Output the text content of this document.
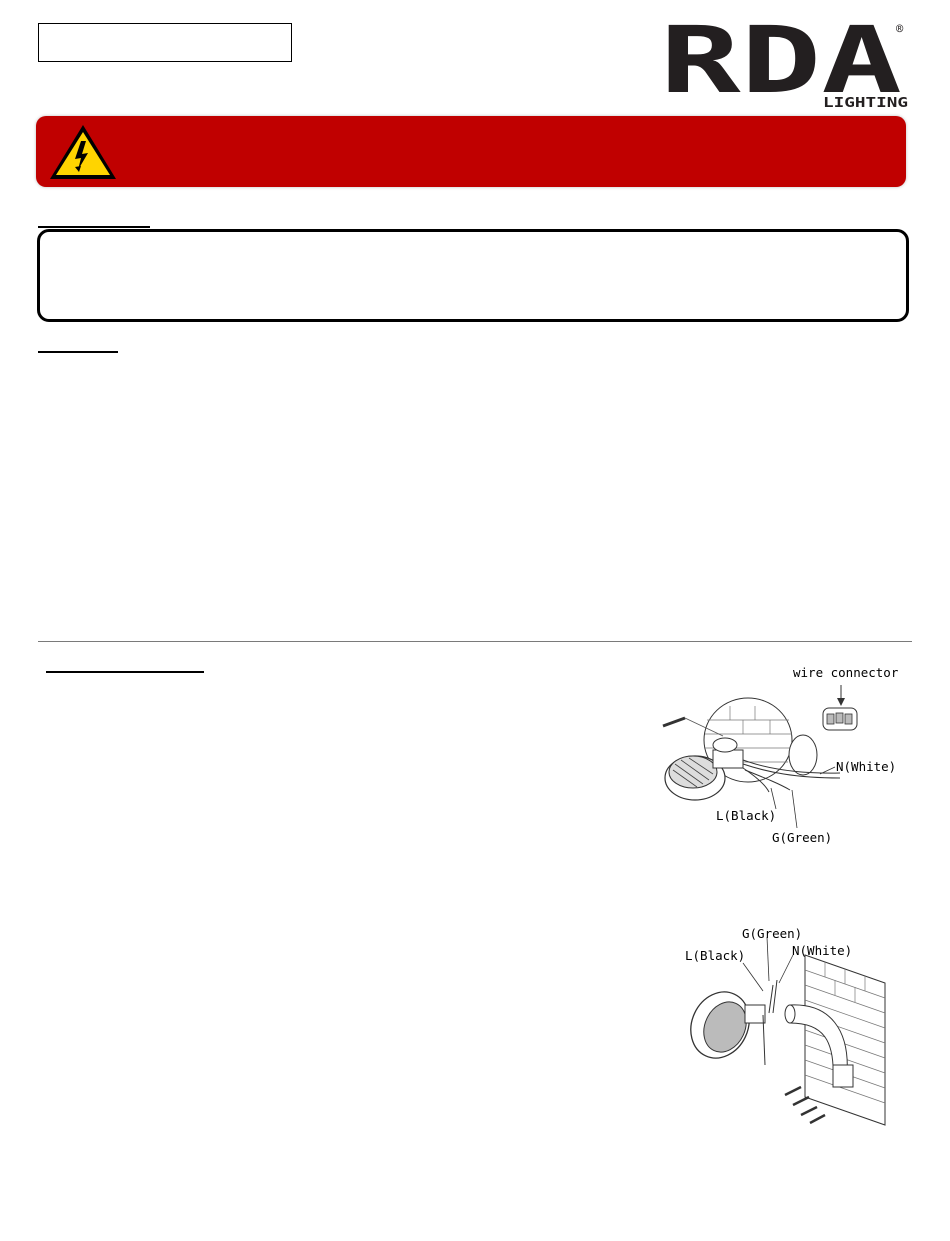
RDA
®
LIGHTING
wire connector
N(White)
L(Black)
G(Green)
G(Green)
L(Black)	N(White)
